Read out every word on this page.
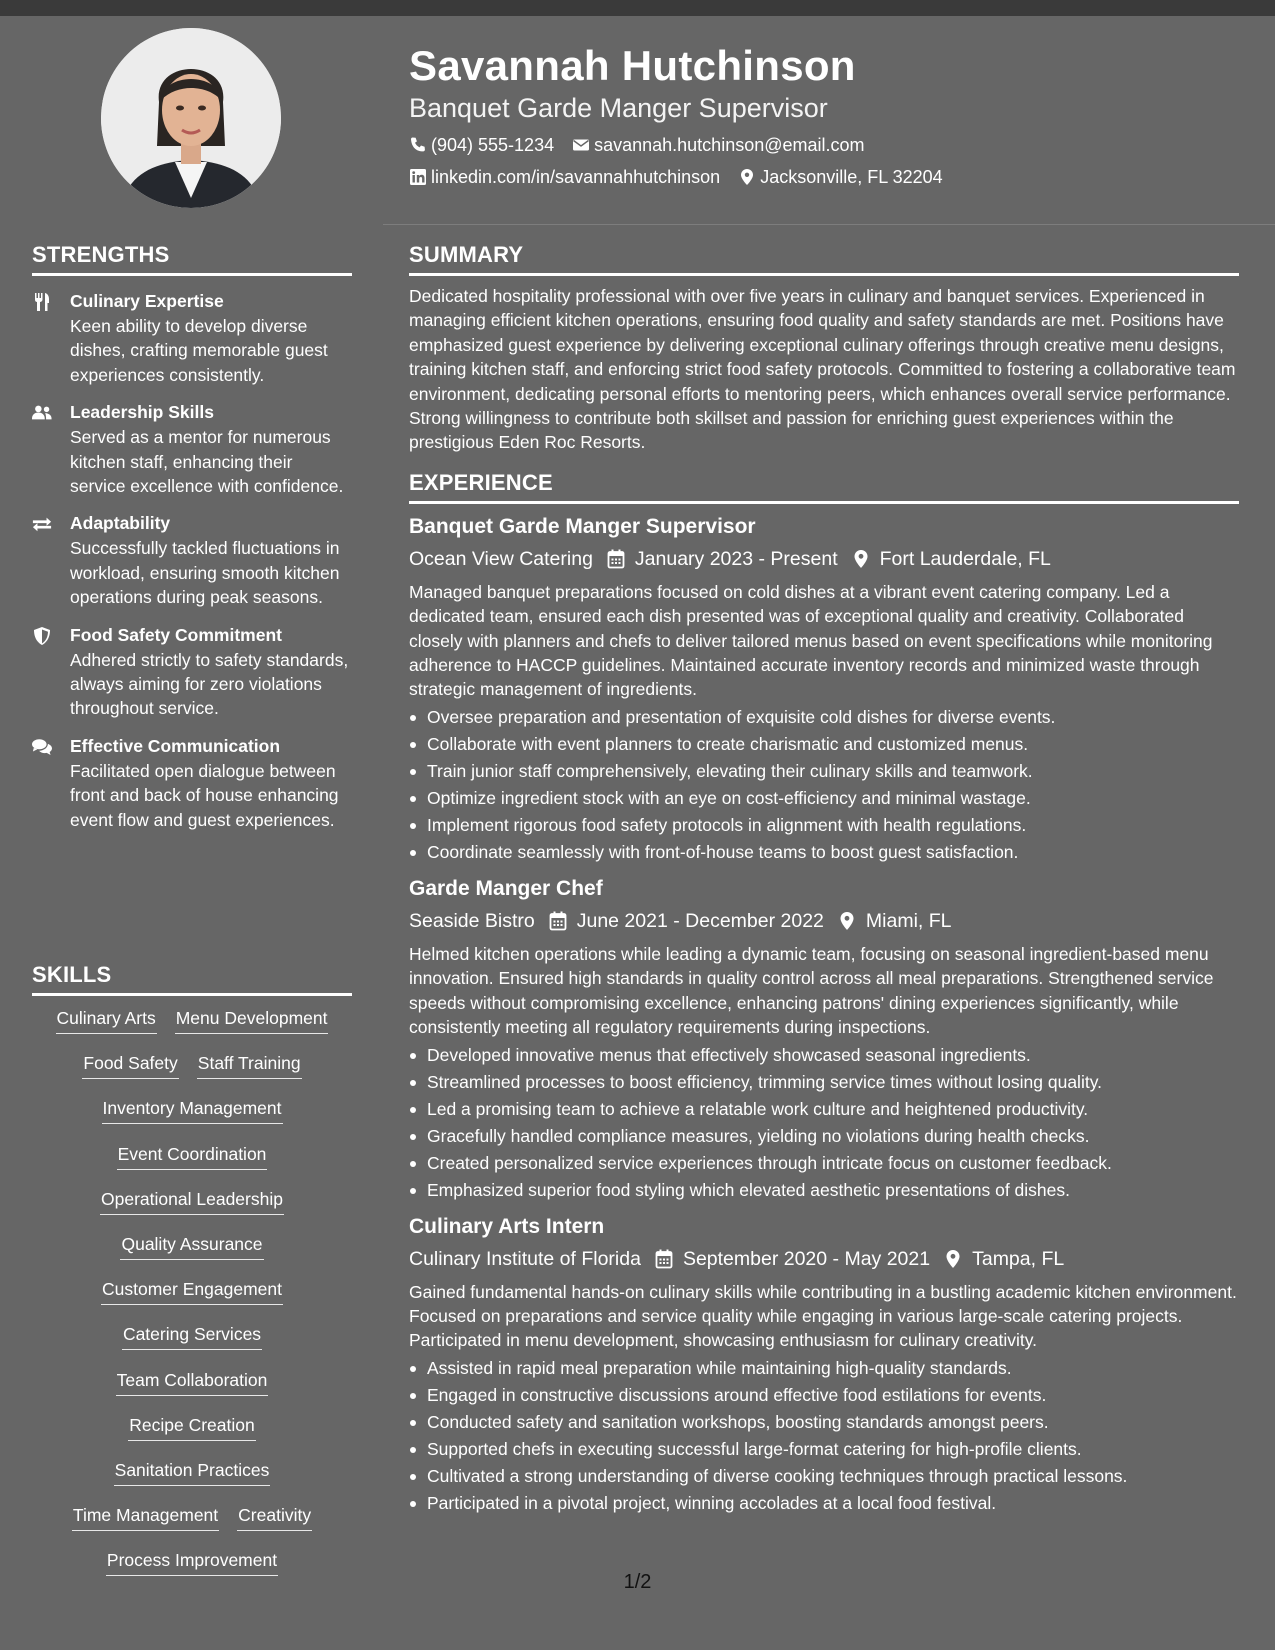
STRENGTHS
Culinary Expertise
Keen ability to develop diverse dishes, crafting memorable guest experiences consistently.
Leadership Skills
Served as a mentor for numerous kitchen staff, enhancing their service excellence with confidence.
Adaptability
Successfully tackled fluctuations in workload, ensuring smooth kitchen operations during peak seasons.
Food Safety Commitment
Adhered strictly to safety standards, always aiming for zero violations throughout service.
Effective Communication
Facilitated open dialogue between front and back of house enhancing event flow and guest experiences.
SKILLS
Culinary Arts Menu Development
Food Safety Staff Training
Inventory Management
Event Coordination
Operational Leadership
Quality Assurance
Customer Engagement
Catering Services
Team Collaboration
Recipe Creation
Sanitation Practices
Time Management Creativity
Process Improvement
Savannah Hutchinson
Banquet Garde Manger Supervisor
(904) 555-1234 savannah.hutchinson@email.com
linkedin.com/in/savannahhutchinson Jacksonville, FL 32204
SUMMARY
Dedicated hospitality professional with over five years in culinary and banquet services. Experienced in managing efficient kitchen operations, ensuring food quality and safety standards are met. Positions have emphasized guest experience by delivering exceptional culinary offerings through creative menu designs, training kitchen staff, and enforcing strict food safety protocols. Committed to fostering a collaborative team environment, dedicating personal efforts to mentoring peers, which enhances overall service performance. Strong willingness to contribute both skillset and passion for enriching guest experiences within the prestigious Eden Roc Resorts.
EXPERIENCE
Banquet Garde Manger Supervisor
Ocean View Catering January 2023 - Present Fort Lauderdale, FL
Managed banquet preparations focused on cold dishes at a vibrant event catering company. Led a dedicated team, ensured each dish presented was of exceptional quality and creativity. Collaborated closely with planners and chefs to deliver tailored menus based on event specifications while monitoring adherence to HACCP guidelines. Maintained accurate inventory records and minimized waste through strategic management of ingredients.
Oversee preparation and presentation of exquisite cold dishes for diverse events.
Collaborate with event planners to create charismatic and customized menus.
Train junior staff comprehensively, elevating their culinary skills and teamwork.
Optimize ingredient stock with an eye on cost-efficiency and minimal wastage.
Implement rigorous food safety protocols in alignment with health regulations.
Coordinate seamlessly with front-of-house teams to boost guest satisfaction.
Garde Manger Chef
Seaside Bistro June 2021 - December 2022 Miami, FL
Helmed kitchen operations while leading a dynamic team, focusing on seasonal ingredient-based menu innovation. Ensured high standards in quality control across all meal preparations. Strengthened service speeds without compromising excellence, enhancing patrons' dining experiences significantly, while consistently meeting all regulatory requirements during inspections.
Developed innovative menus that effectively showcased seasonal ingredients.
Streamlined processes to boost efficiency, trimming service times without losing quality.
Led a promising team to achieve a relatable work culture and heightened productivity.
Gracefully handled compliance measures, yielding no violations during health checks.
Created personalized service experiences through intricate focus on customer feedback.
Emphasized superior food styling which elevated aesthetic presentations of dishes.
Culinary Arts Intern
Culinary Institute of Florida September 2020 - May 2021 Tampa, FL
Gained fundamental hands-on culinary skills while contributing in a bustling academic kitchen environment. Focused on preparations and service quality while engaging in various large-scale catering projects. Participated in menu development, showcasing enthusiasm for culinary creativity.
Assisted in rapid meal preparation while maintaining high-quality standards.
Engaged in constructive discussions around effective food estilations for events.
Conducted safety and sanitation workshops, boosting standards amongst peers.
Supported chefs in executing successful large-format catering for high-profile clients.
Cultivated a strong understanding of diverse cooking techniques through practical lessons.
Participated in a pivotal project, winning accolades at a local food festival.
1/2
